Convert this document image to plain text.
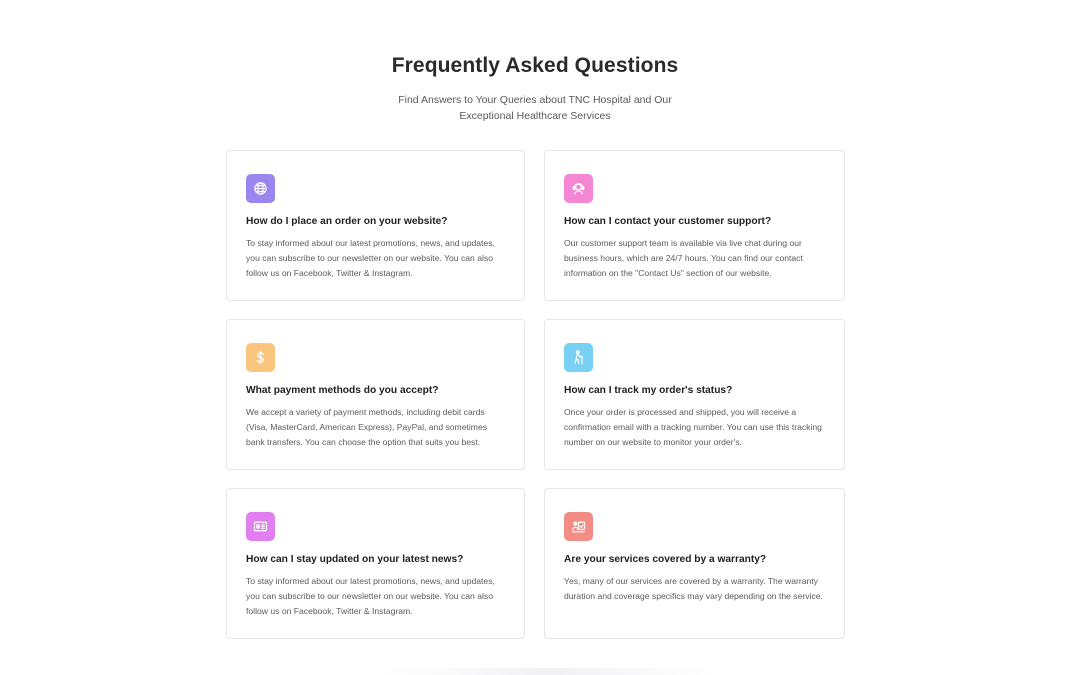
Frequently Asked Questions
Find Answers to Your Queries about TNC Hospital and Our Exceptional Healthcare Services
How do I place an order on your website?
To stay informed about our latest promotions, news, and updates, you can subscribe to our newsletter on our website. You can also follow us on Facebook, Twitter & Instagram.
How can I contact your customer support?
Our customer support team is available via live chat during our business hours, which are 24/7 hours. You can find our contact information on the "Contact Us" section of our website.
What payment methods do you accept?
We accept a variety of payment methods, including debit cards (Visa, MasterCard, American Express), PayPal, and sometimes bank transfers. You can choose the option that suits you best.
How can I track my order's status?
Once your order is processed and shipped, you will receive a confirmation email with a tracking number. You can use this tracking number on our website to monitor your order's.
How can I stay updated on your latest news?
To stay informed about our latest promotions, news, and updates, you can subscribe to our newsletter on our website. You can also follow us on Facebook, Twitter & Instagram.
Are your services covered by a warranty?
Yes, many of our services are covered by a warranty. The warranty duration and coverage specifics may vary depending on the service.
